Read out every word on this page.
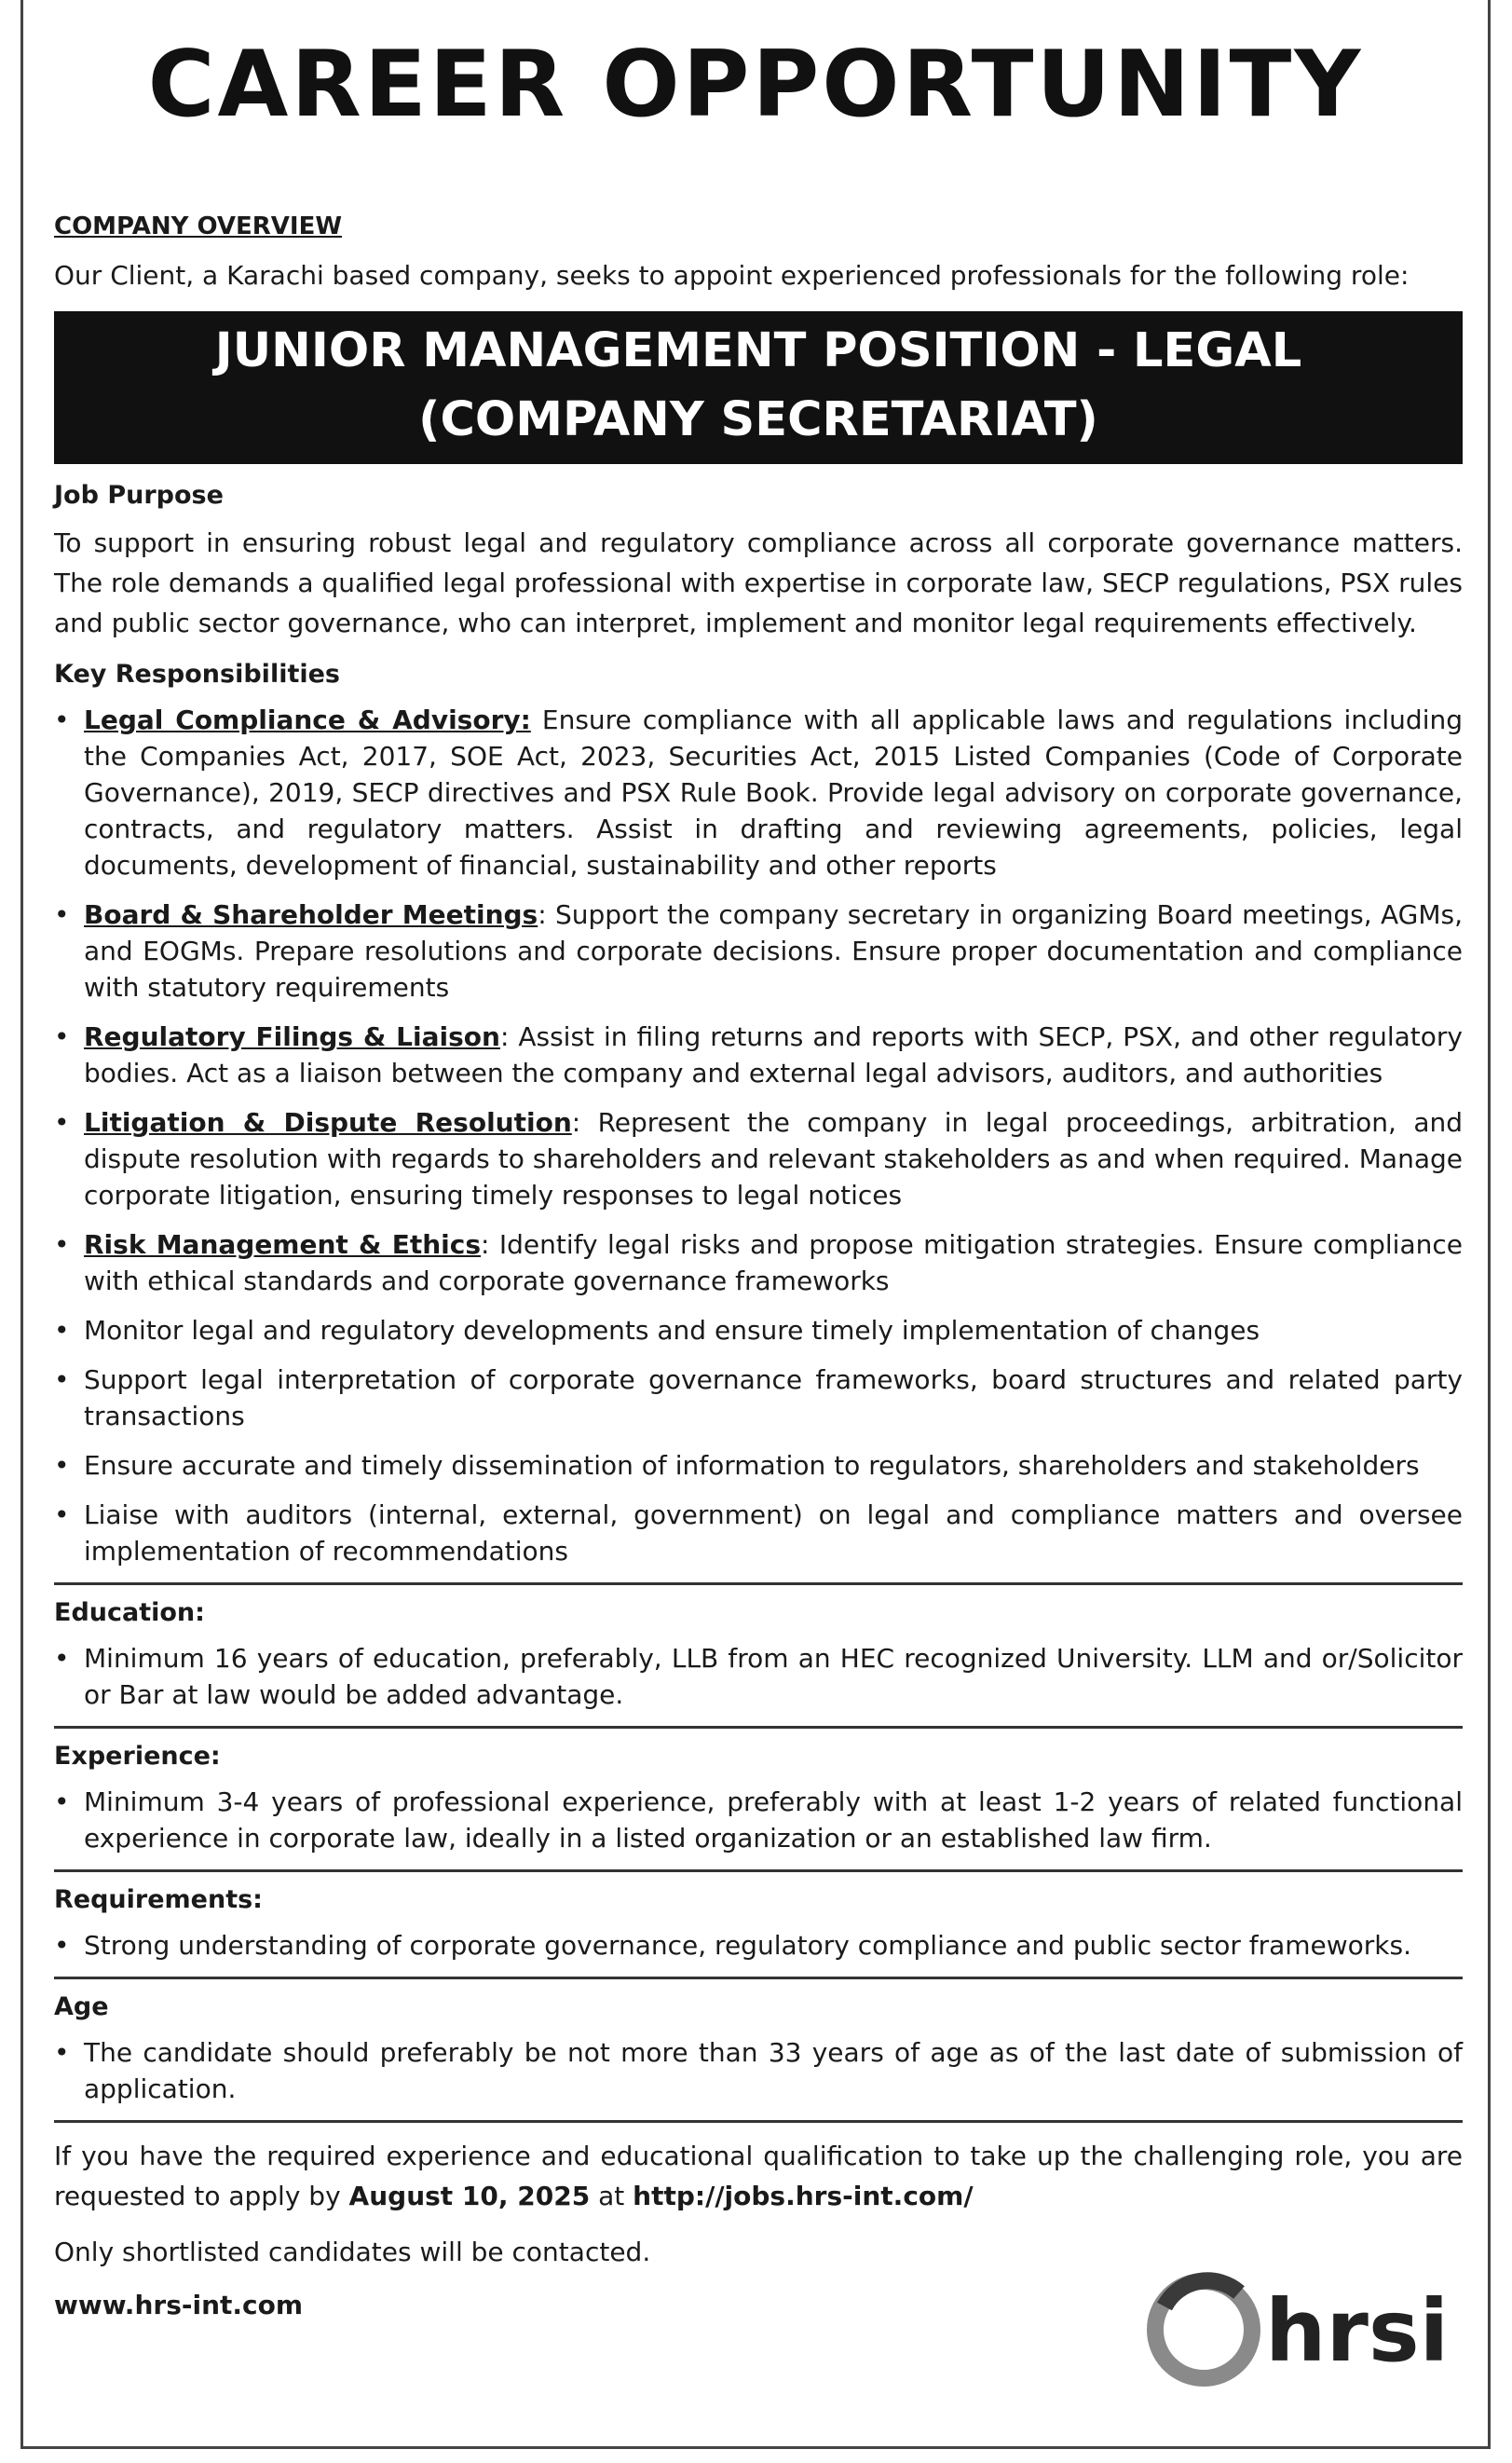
CAREER OPPORTUNITY
COMPANY OVERVIEW
Our Client, a Karachi based company, seeks to appoint experienced professionals for the following role:
JUNIOR MANAGEMENT POSITION - LEGAL
(COMPANY SECRETARIAT)
Job Purpose
To support in ensuring robust legal and regulatory compliance across all corporate governance matters. The role demands a qualified legal professional with expertise in corporate law, SECP regulations, PSX rules and public sector governance, who can interpret, implement and monitor legal requirements effectively.
Key Responsibilities
• Legal Compliance & Advisory: Ensure compliance with all applicable laws and regulations including the Companies Act, 2017, SOE Act, 2023, Securities Act, 2015 Listed Companies (Code of Corporate Governance), 2019, SECP directives and PSX Rule Book. Provide legal advisory on corporate governance, contracts, and regulatory matters. Assist in drafting and reviewing agreements, policies, legal documents, development of financial, sustainability and other reports
• Board & Shareholder Meetings: Support the company secretary in organizing Board meetings, AGMs, and EOGMs. Prepare resolutions and corporate decisions. Ensure proper documentation and compliance with statutory requirements
• Regulatory Filings & Liaison: Assist in filing returns and reports with SECP, PSX, and other regulatory bodies. Act as a liaison between the company and external legal advisors, auditors, and authorities
• Litigation & Dispute Resolution: Represent the company in legal proceedings, arbitration, and dispute resolution with regards to shareholders and relevant stakeholders as and when required. Manage corporate litigation, ensuring timely responses to legal notices
• Risk Management & Ethics: Identify legal risks and propose mitigation strategies. Ensure compliance with ethical standards and corporate governance frameworks
• Monitor legal and regulatory developments and ensure timely implementation of changes
• Support legal interpretation of corporate governance frameworks, board structures and related party transactions
• Ensure accurate and timely dissemination of information to regulators, shareholders and stakeholders
• Liaise with auditors (internal, external, government) on legal and compliance matters and oversee implementation of recommendations
Education:
• Minimum 16 years of education, preferably, LLB from an HEC recognized University. LLM and or/Solicitor or Bar at law would be added advantage.
Experience:
• Minimum 3-4 years of professional experience, preferably with at least 1-2 years of related functional experience in corporate law, ideally in a listed organization or an established law firm.
Requirements:
• Strong understanding of corporate governance, regulatory compliance and public sector frameworks.
Age
• The candidate should preferably be not more than 33 years of age as of the last date of submission of application.
If you have the required experience and educational qualification to take up the challenging role, you are requested to apply by August 10, 2025 at http://jobs.hrs-int.com/
Only shortlisted candidates will be contacted.
www.hrs-int.com	hrsi
